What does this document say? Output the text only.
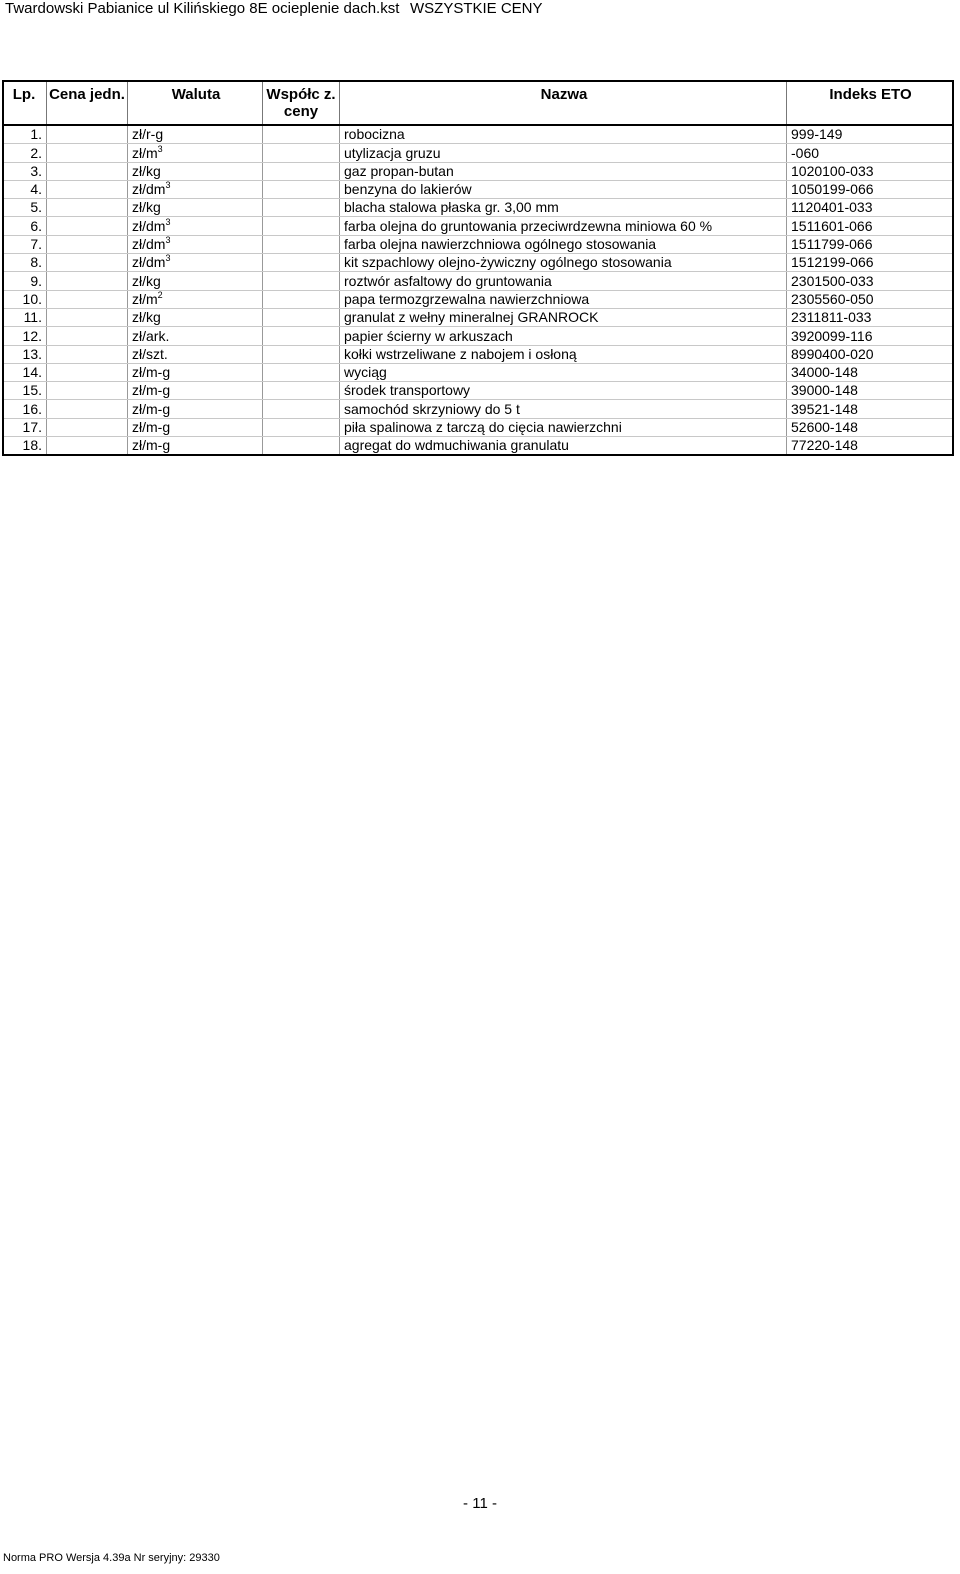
Twardowski Pabianice ul Kilińskiego 8E ocieplenie dach.kst WSZYSTKIE CENY
Lp.	Cena jedn.	Waluta	Współc z. ceny	Nazwa	Indeks ETO
1.		zł/r-g		robocizna	999-149
2.		$zł/m^3$		utylizacja gruzu	-060
3.		zł/kg		gaz propan-butan	1020100-033
4.		$zł/dm^3$		benzyna do lakierów	1050199-066
5.		zł/kg		blacha stalowa płaska gr. 3,00 mm	1120401-033
6.		$zł/dm^3$		farba olejna do gruntowania przeciwrdzewna miniowa 60 %	1511601-066
7.		$zł/dm^3$		farba olejna nawierzchniowa ogólnego stosowania	1511799-066
8.		$zł/dm^3$		kit szpachlowy olejno-żywiczny ogólnego stosowania	1512199-066
9.		zł/kg		roztwór asfaltowy do gruntowania	2301500-033
10.		$zł/m^2$		papa termozgrzewalna nawierzchniowa	2305560-050
11.		zł/kg		granulat z wełny mineralnej GRANROCK	2311811-033
12.		zł/ark.		papier ścierny w arkuszach	3920099-116
13.		zł/szt.		kołki wstrzeliwane z nabojem i osłoną	8990400-020
14.		zł/m-g		wyciąg	34000-148
15.		zł/m-g		środek transportowy	39000-148
16.		zł/m-g		samochód skrzyniowy do 5 t	39521-148
17.		zł/m-g		piła spalinowa z tarczą do cięcia nawierzchni	52600-148
18.		zł/m-g		agregat do wdmuchiwania granulatu	77220-148
- 11 -
Norma PRO Wersja 4.39a Nr seryjny: 29330
